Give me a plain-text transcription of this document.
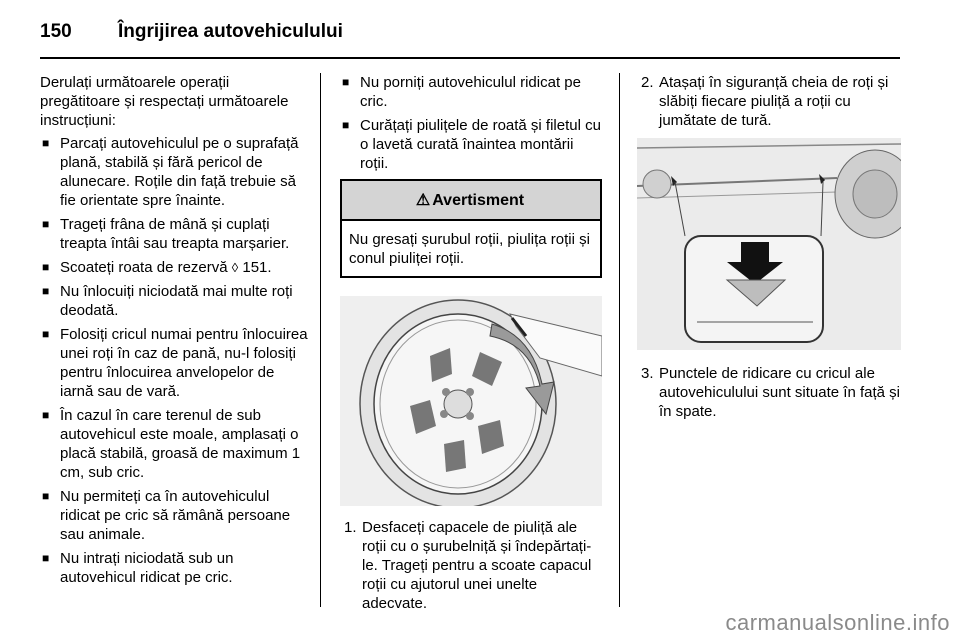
150 Îngrijirea autovehiculului

Derulați următoarele operații pregătitoare și respectați următoarele instrucțiuni:

■ Parcați autovehiculul pe o suprafață plană, stabilă și fără pericol de alunecare. Roțile din față trebuie să fie orientate spre înainte.
■ Trageți frâna de mână și cuplați treapta întâi sau treapta marșarier.
■ Scoateți roata de rezervă ◊ 151.
■ Nu înlocuiți niciodată mai multe roți deodată.
■ Folosiți cricul numai pentru înlocuirea unei roți în caz de pană, nu-l folosiți pentru înlocuirea anvelopelor de iarnă sau de vară.
■ În cazul în care terenul de sub autovehicul este moale, amplasați o placă stabilă, groasă de maximum 1 cm, sub cric.
■ Nu permiteți ca în autovehiculul ridicat pe cric să rămână persoane sau animale.
■ Nu intrați niciodată sub un autovehicul ridicat pe cric.
■ Nu porniți autovehiculul ridicat pe cric.
■ Curățați piulițele de roată și filetul cu o lavetă curată înaintea montării roții.
⚠ Avertisment
Nu gresați șurubul roții, piulița roții și conul piuliței roții.
1. Desfaceți capacele de piuliță ale roții cu o șurubelniță și îndepărtați-le. Trageți pentru a scoate capacul roții cu ajutorul unei unelte adecvate.
2. Atașați în siguranță cheia de roți și slăbiți fiecare piuliță a roții cu jumătate de tură.
3. Punctele de ridicare cu cricul ale autovehiculului sunt situate în față și în spate.
carmanualsonline.info
